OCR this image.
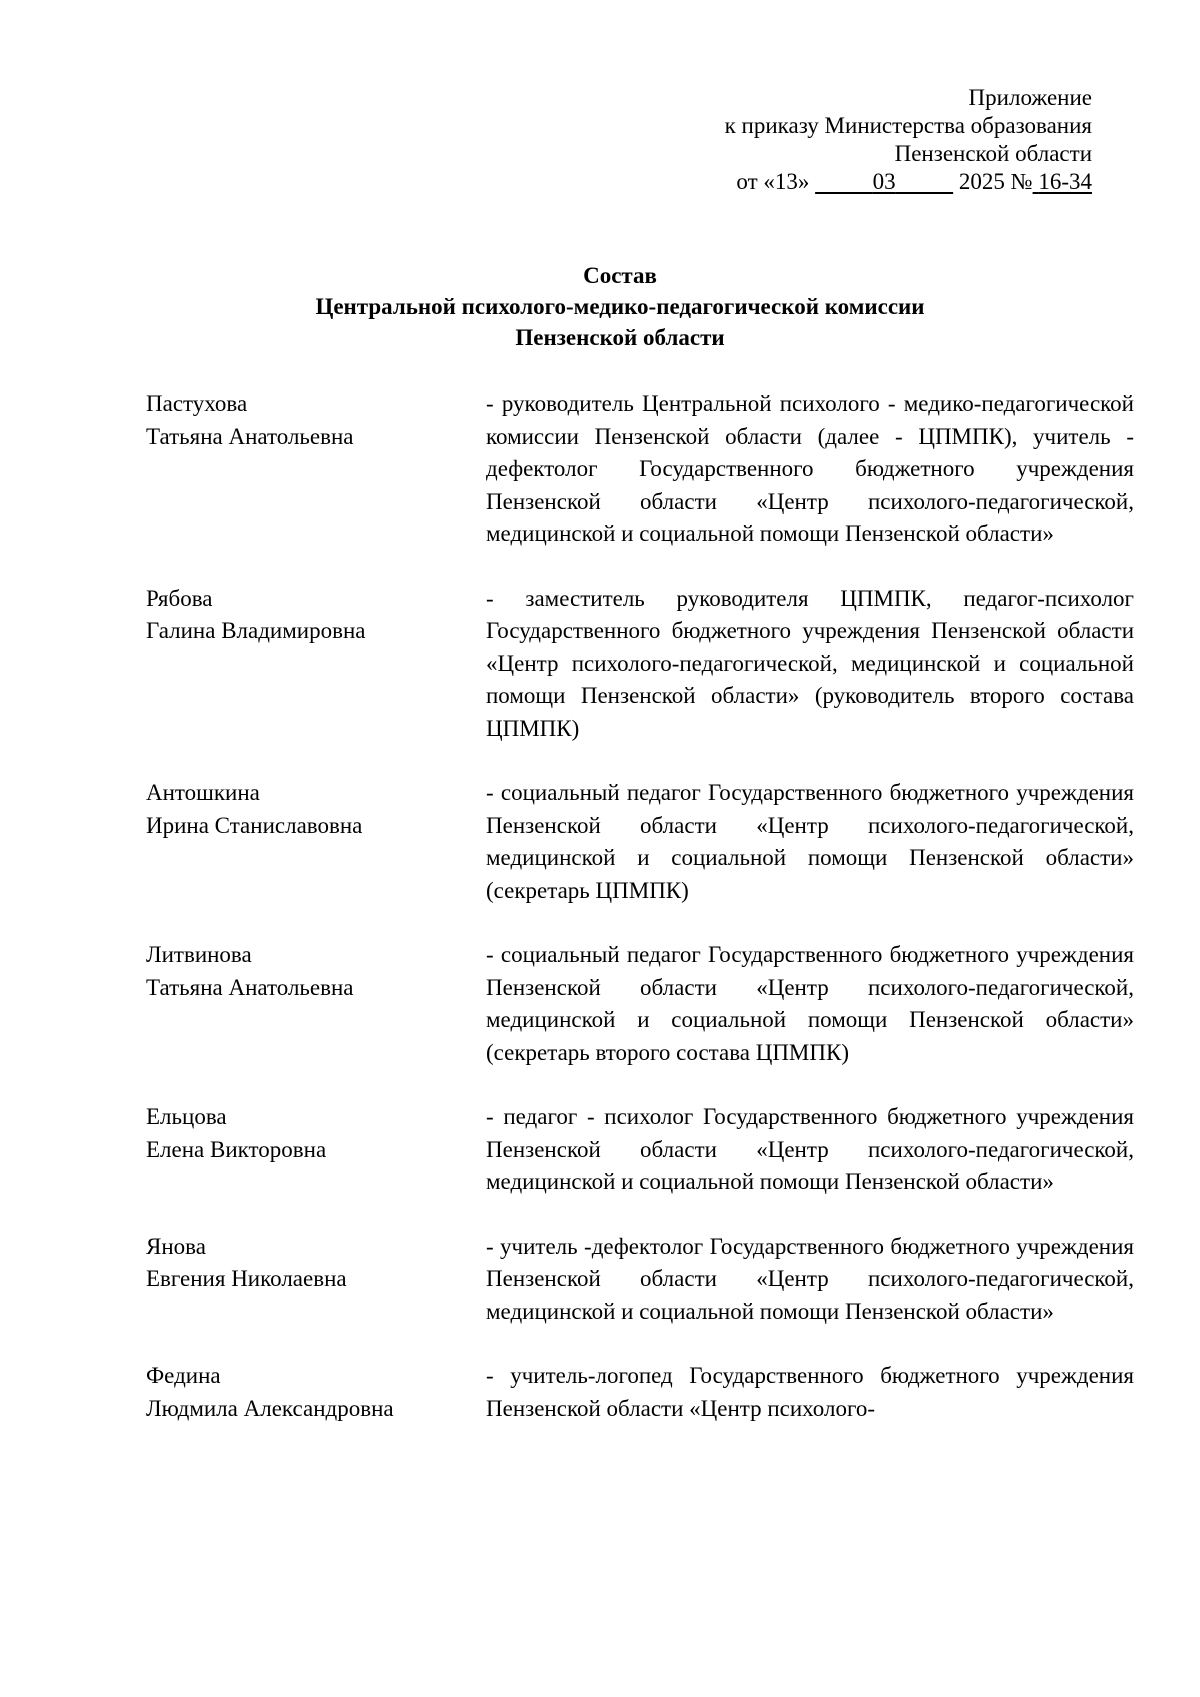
Приложение
к приказу Министерства образования
Пензенской области
от «13»	03	2025 № 16-34
Состав
Центральной психолого-медико-педагогической комиссии
Пензенской области
Пастухова
Татьяна Анатольевна
- руководитель Центральной психолого - медико-педагогической комиссии Пензенской области (далее - ЦПМПК), учитель - дефектолог Государственного бюджетного учреждения Пензенской области «Центр психолого-педагогической, медицинской и социальной помощи Пензенской области»
Рябова
Галина Владимировна
- заместитель руководителя ЦПМПК, педагог-психолог Государственного бюджетного учреждения Пензенской области «Центр психолого-педагогической, медицинской и социальной помощи Пензенской области» (руководитель второго состава ЦПМПК)
Антошкина
Ирина Станиславовна
- социальный педагог Государственного бюджетного учреждения Пензенской области «Центр психолого-педагогической, медицинской и социальной помощи Пензенской области» (секретарь ЦПМПК)
Литвинова
Татьяна Анатольевна
- социальный педагог Государственного бюджетного учреждения Пензенской области «Центр психолого-педагогической, медицинской и социальной помощи Пензенской области» (секретарь второго состава ЦПМПК)
Ельцова
Елена Викторовна
- педагог - психолог Государственного бюджетного учреждения Пензенской области «Центр психолого-педагогической, медицинской и социальной помощи Пензенской области»
Янова
Евгения Николаевна
- учитель -дефектолог Государственного бюджетного учреждения Пензенской области «Центр психолого-педагогической, медицинской и социальной помощи Пензенской области»
Федина
Людмила Александровна
- учитель-логопед Государственного бюджетного учреждения Пензенской области «Центр психолого-
